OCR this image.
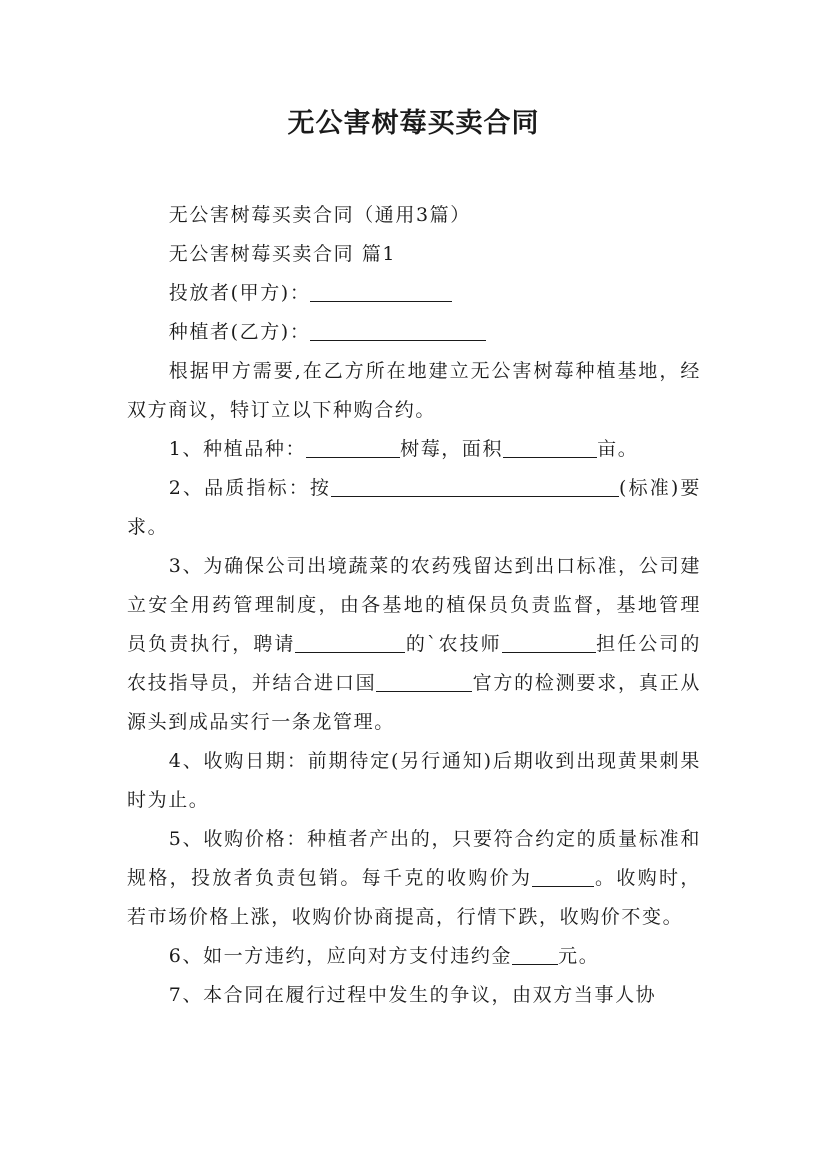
无公害树莓买卖合同

无公害树莓买卖合同（通用3篇）

无公害树莓买卖合同 篇1

投放者(甲方)：

种植者(乙方)：

根据甲方需要,在乙方所在地建立无公害树莓种植基地，经双方商议，特订立以下种购合约。

1、种植品种：	树莓，面积	亩。

2、品质指标：按	(标准)要求。

3、为确保公司出境蔬菜的农药残留达到出口标准，公司建立安全用药管理制度，由各基地的植保员负责监督，基地管理员负责执行，聘请	的`农技师	担任公司的农技指导员，并结合进口国	官方的检测要求，真正从源头到成品实行一条龙管理。

4、收购日期：前期待定(另行通知)后期收到出现黄果刺果时为止。

5、收购价格：种植者产出的，只要符合约定的质量标准和规格，投放者负责包销。每千克的收购价为	。收购时，若市场价格上涨，收购价协商提高，行情下跌，收购价不变。

6、如一方违约，应向对方支付违约金 元。

7、本合同在履行过程中发生的争议，由双方当事人协
